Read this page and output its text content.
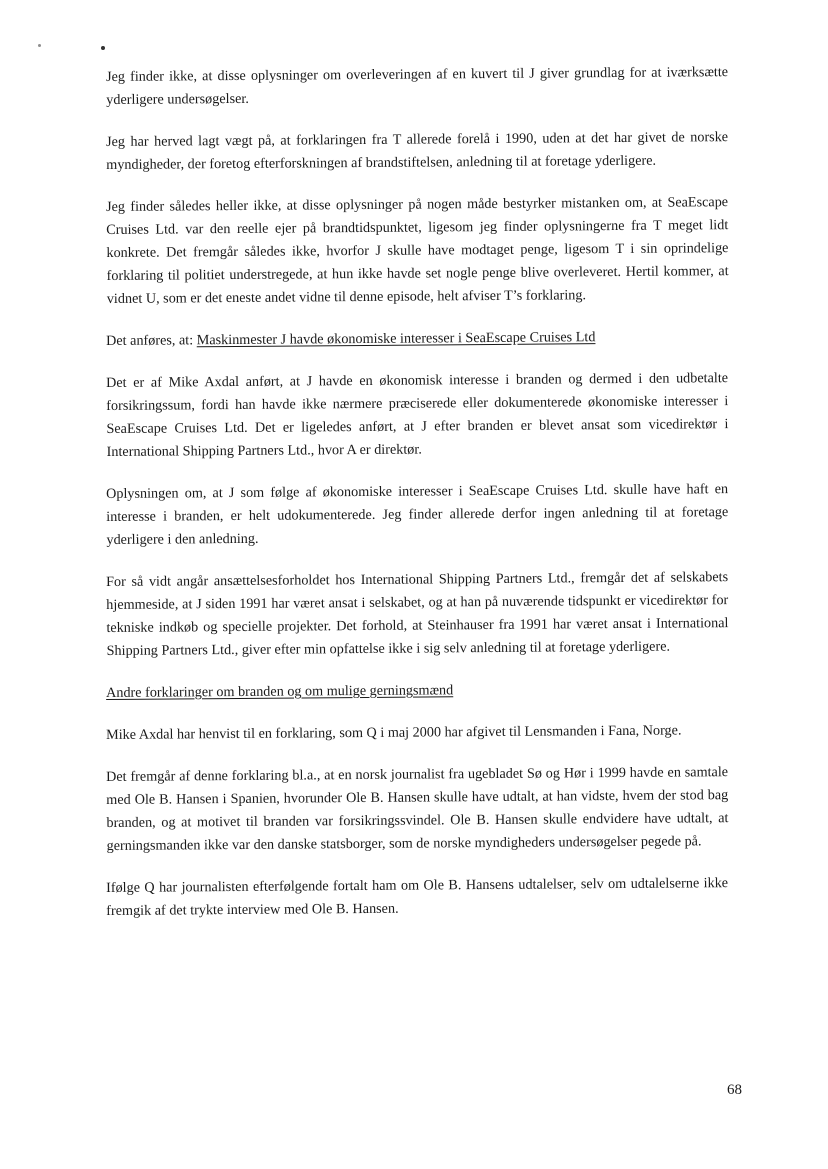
Jeg finder ikke, at disse oplysninger om overleveringen af en kuvert til J giver grundlag for at iværksætte yderligere undersøgelser.

Jeg har herved lagt vægt på, at forklaringen fra T allerede forelå i 1990, uden at det har givet de norske myndigheder, der foretog efterforskningen af brandstiftelsen, anledning til at foretage yderligere.

Jeg finder således heller ikke, at disse oplysninger på nogen måde bestyrker mistanken om, at SeaEscape Cruises Ltd. var den reelle ejer på brandtidspunktet, ligesom jeg finder oplysningerne fra T meget lidt konkrete. Det fremgår således ikke, hvorfor J skulle have modtaget penge, ligesom T i sin oprindelige forklaring til politiet understregede, at hun ikke havde set nogle penge blive overleveret. Hertil kommer, at vidnet U, som er det eneste andet vidne til denne episode, helt afviser T’s forklaring.

Det anføres, at: Maskinmester J havde økonomiske interesser i SeaEscape Cruises Ltd

Det er af Mike Axdal anført, at J havde en økonomisk interesse i branden og dermed i den udbetalte forsikringssum, fordi han havde ikke nærmere præciserede eller dokumenterede økonomiske interesser i SeaEscape Cruises Ltd. Det er ligeledes anført, at J efter branden er blevet ansat som vicedirektør i International Shipping Partners Ltd., hvor A er direktør.

Oplysningen om, at J som følge af økonomiske interesser i SeaEscape Cruises Ltd. skulle have haft en interesse i branden, er helt udokumenterede. Jeg finder allerede derfor ingen anledning til at foretage yderligere i den anledning.

For så vidt angår ansættelsesforholdet hos International Shipping Partners Ltd., fremgår det af selskabets hjemmeside, at J siden 1991 har været ansat i selskabet, og at han på nuværende tidspunkt er vicedirektør for tekniske indkøb og specielle projekter. Det forhold, at Steinhauser fra 1991 har været ansat i International Shipping Partners Ltd., giver efter min opfattelse ikke i sig selv anledning til at foretage yderligere.

Andre forklaringer om branden og om mulige gerningsmænd

Mike Axdal har henvist til en forklaring, som Q i maj 2000 har afgivet til Lensmanden i Fana, Norge.

Det fremgår af denne forklaring bl.a., at en norsk journalist fra ugebladet Sø og Hør i 1999 havde en samtale med Ole B. Hansen i Spanien, hvorunder Ole B. Hansen skulle have udtalt, at han vidste, hvem der stod bag branden, og at motivet til branden var forsikringssvindel. Ole B. Hansen skulle endvidere have udtalt, at gerningsmanden ikke var den danske statsborger, som de norske myndigheders undersøgelser pegede på.

Ifølge Q har journalisten efterfølgende fortalt ham om Ole B. Hansens udtalelser, selv om udtalelserne ikke fremgik af det trykte interview med Ole B. Hansen.

68
